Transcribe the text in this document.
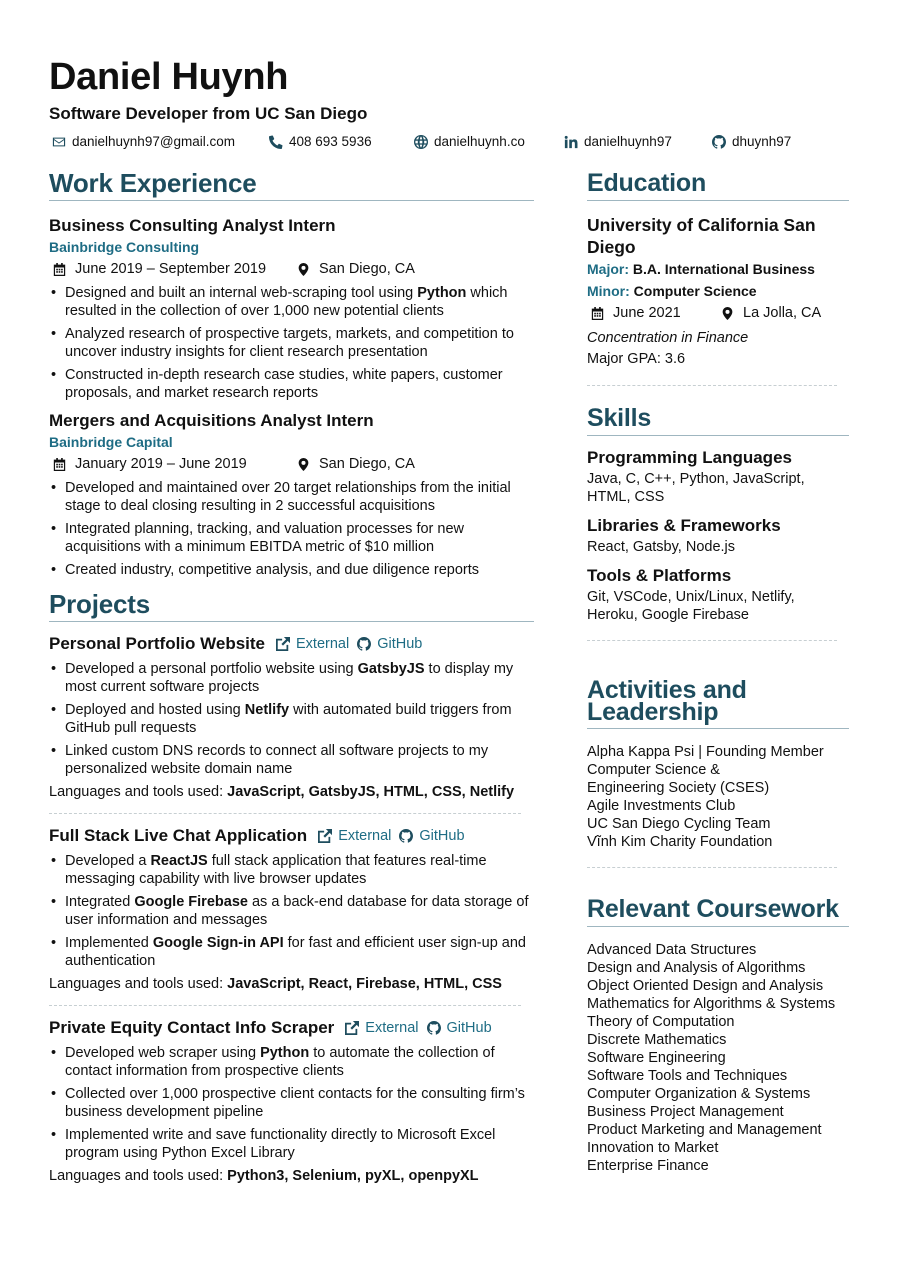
Daniel Huynh
Software Developer from UC San Diego
danielhuynh97@gmail.com	408 693 5936	danielhuynh.co	danielhuynh97	dhuynh97
Work Experience
Business Consulting Analyst Intern
Bainbridge Consulting
June 2019 – September 2019	San Diego, CA
• Designed and built an internal web-scraping tool using Python which resulted in the collection of over 1,000 new potential clients
• Analyzed research of prospective targets, markets, and competition to uncover industry insights for client research presentation
• Constructed in-depth research case studies, white papers, customer proposals, and market research reports
Mergers and Acquisitions Analyst Intern
Bainbridge Capital
January 2019 – June 2019	San Diego, CA
• Developed and maintained over 20 target relationships from the initial stage to deal closing resulting in 2 successful acquisitions
• Integrated planning, tracking, and valuation processes for new acquisitions with a minimum EBITDA metric of $10 million
• Created industry, competitive analysis, and due diligence reports
Projects
Personal Portfolio Website External GitHub
• Developed a personal portfolio website using GatsbyJS to display my most current software projects
• Deployed and hosted using Netlify with automated build triggers from GitHub pull requests
• Linked custom DNS records to connect all software projects to my personalized website domain name
Languages and tools used: JavaScript, GatsbyJS, HTML, CSS, Netlify
Full Stack Live Chat Application External GitHub
• Developed a ReactJS full stack application that features real-time messaging capability with live browser updates
• Integrated Google Firebase as a back-end database for data storage of user information and messages
• Implemented Google Sign-in API for fast and efficient user sign-up and authentication
Languages and tools used: JavaScript, React, Firebase, HTML, CSS
Private Equity Contact Info Scraper External GitHub
• Developed web scraper using Python to automate the collection of contact information from prospective clients
• Collected over 1,000 prospective client contacts for the consulting firm’s business development pipeline
• Implemented write and save functionality directly to Microsoft Excel program using Python Excel Library
Languages and tools used: Python3, Selenium, pyXL, openpyXL
Education
University of California San Diego
Major: B.A. International Business
Minor: Computer Science
June 2021	La Jolla, CA
Concentration in Finance
Major GPA: 3.6
Skills
Programming Languages
Java, C, C++, Python, JavaScript, HTML, CSS
Libraries & Frameworks
React, Gatsby, Node.js
Tools & Platforms
Git, VSCode, Unix/Linux, Netlify, Heroku, Google Firebase
Activities and Leadership
Alpha Kappa Psi | Founding Member
Computer Science &
Engineering Society (CSES)
Agile Investments Club
UC San Diego Cycling Team
Vĩnh Kim Charity Foundation
Relevant Coursework
Advanced Data Structures
Design and Analysis of Algorithms
Object Oriented Design and Analysis
Mathematics for Algorithms & Systems
Theory of Computation
Discrete Mathematics
Software Engineering
Software Tools and Techniques
Computer Organization & Systems
Business Project Management
Product Marketing and Management
Innovation to Market
Enterprise Finance
